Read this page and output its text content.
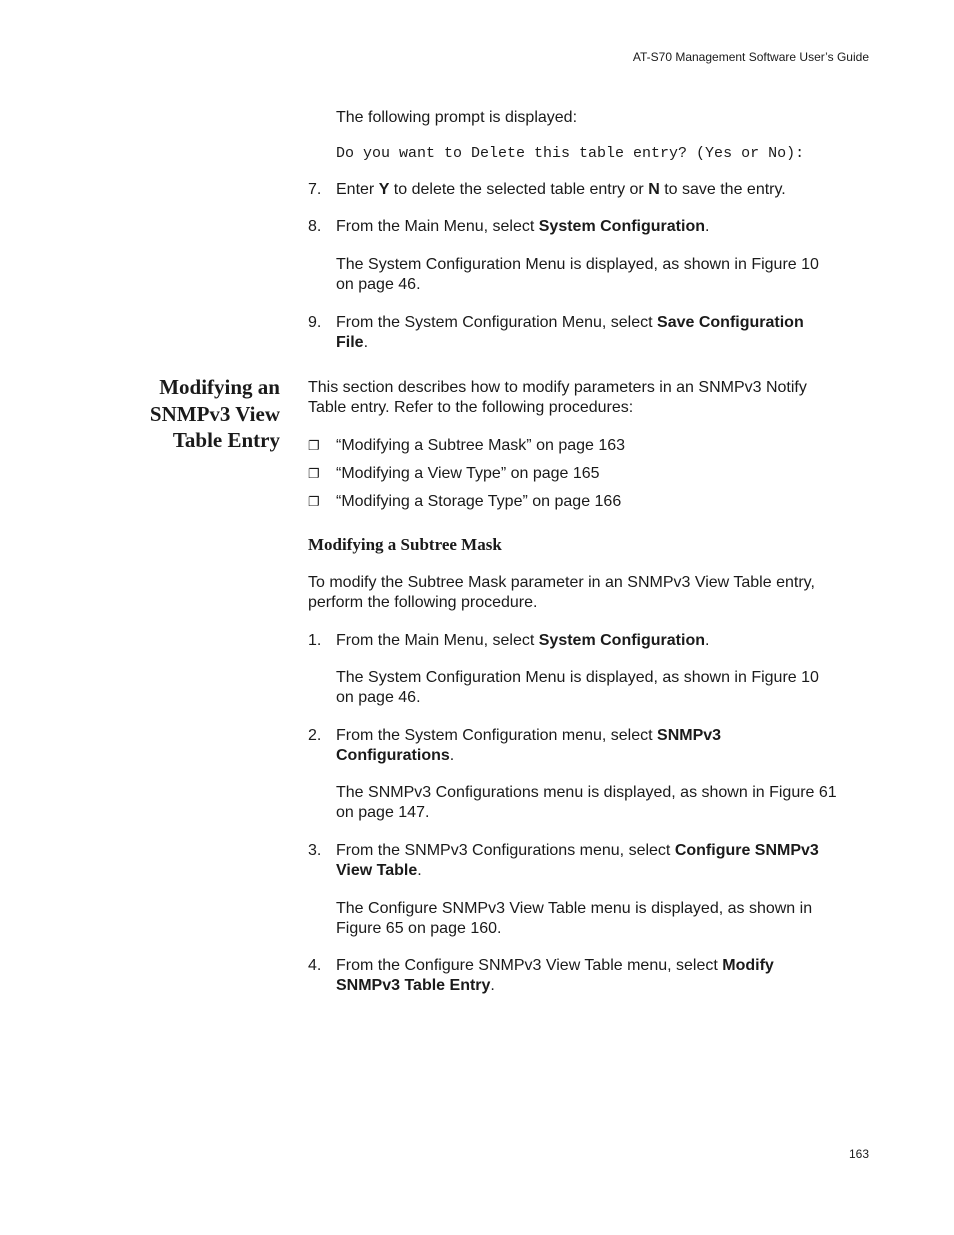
AT-S70 Management Software User’s Guide
The following prompt is displayed:
Do you want to Delete this table entry? (Yes or No):
7. Enter Y to delete the selected table entry or N to save the entry.
8. From the Main Menu, select System Configuration.
The System Configuration Menu is displayed, as shown in Figure 10
on page 46.
9. From the System Configuration Menu, select Save Configuration
File.
Modifying an
SNMPv3 View
Table Entry
This section describes how to modify parameters in an SNMPv3 Notify
Table entry. Refer to the following procedures:
❐ “Modifying a Subtree Mask” on page 163
❐ “Modifying a View Type” on page 165
❐ “Modifying a Storage Type” on page 166
Modifying a Subtree Mask
To modify the Subtree Mask parameter in an SNMPv3 View Table entry,
perform the following procedure.
1. From the Main Menu, select System Configuration.
The System Configuration Menu is displayed, as shown in Figure 10
on page 46.
2. From the System Configuration menu, select SNMPv3
Configurations.
The SNMPv3 Configurations menu is displayed, as shown in Figure 61
on page 147.
3. From the SNMPv3 Configurations menu, select Configure SNMPv3
View Table.
The Configure SNMPv3 View Table menu is displayed, as shown in
Figure 65 on page 160.
4. From the Configure SNMPv3 View Table menu, select Modify
SNMPv3 Table Entry.
163
